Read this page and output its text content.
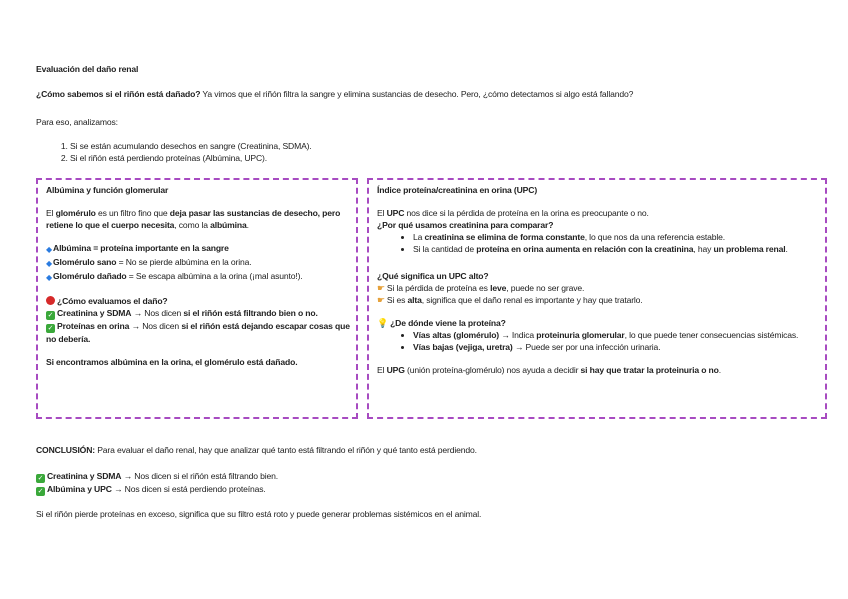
Evaluación del daño renal
¿Cómo sabemos si el riñón está dañado? Ya vimos que el riñón filtra la sangre y elimina sustancias de desecho. Pero, ¿cómo detectamos si algo está fallando?
Para eso, analizamos:
1. Si se están acumulando desechos en sangre (Creatinina, SDMA).
2. Si el riñón está perdiendo proteínas (Albúmina, UPC).

Albúmina y función glomerular

El glomérulo es un filtro fino que deja pasar las sustancias de desecho, pero retiene lo que el cuerpo necesita, como la albúmina.

◆Albúmina = proteína importante en la sangre

◆Glomérulo sano = No se pierde albúmina en la orina.

◆Glomérulo dañado = Se escapa albúmina a la orina (¡mal asunto!).

¿Cómo evaluamos el daño?

✓ Creatinina y SDMA → Nos dicen si el riñón está filtrando bien o no.

✓ Proteínas en orina → Nos dicen si el riñón está dejando escapar cosas que no debería.

Si encontramos albúmina en la orina, el glomérulo está dañado.

Índice proteína/creatinina en orina (UPC)

El UPC nos dice si la pérdida de proteína en la orina es preocupante o no.

¿Por qué usamos creatinina para comparar?

• La creatinina se elimina de forma constante, lo que nos da una referencia estable.
• Si la cantidad de proteína en orina aumenta en relación con la creatinina, hay un problema renal.

¿Qué significa un UPC alto?

☛ Si la pérdida de proteína es leve, puede no ser grave.

☛ Si es alta, significa que el daño renal es importante y hay que tratarlo.

💡 ¿De dónde viene la proteína?

• Vías altas (glomérulo) → Indica proteinuria glomerular, lo que puede tener consecuencias sistémicas.
• Vías bajas (vejiga, uretra) → Puede ser por una infección urinaria.

El UPG (unión proteína-glomérulo) nos ayuda a decidir si hay que tratar la proteinuria o no.

CONCLUSIÓN: Para evaluar el daño renal, hay que analizar qué tanto está filtrando el riñón y qué tanto está perdiendo.
✓ Creatinina y SDMA → Nos dicen si el riñón está filtrando bien.
✓ Albúmina y UPC → Nos dicen si está perdiendo proteínas.
Si el riñón pierde proteínas en exceso, significa que su filtro está roto y puede generar problemas sistémicos en el animal.
